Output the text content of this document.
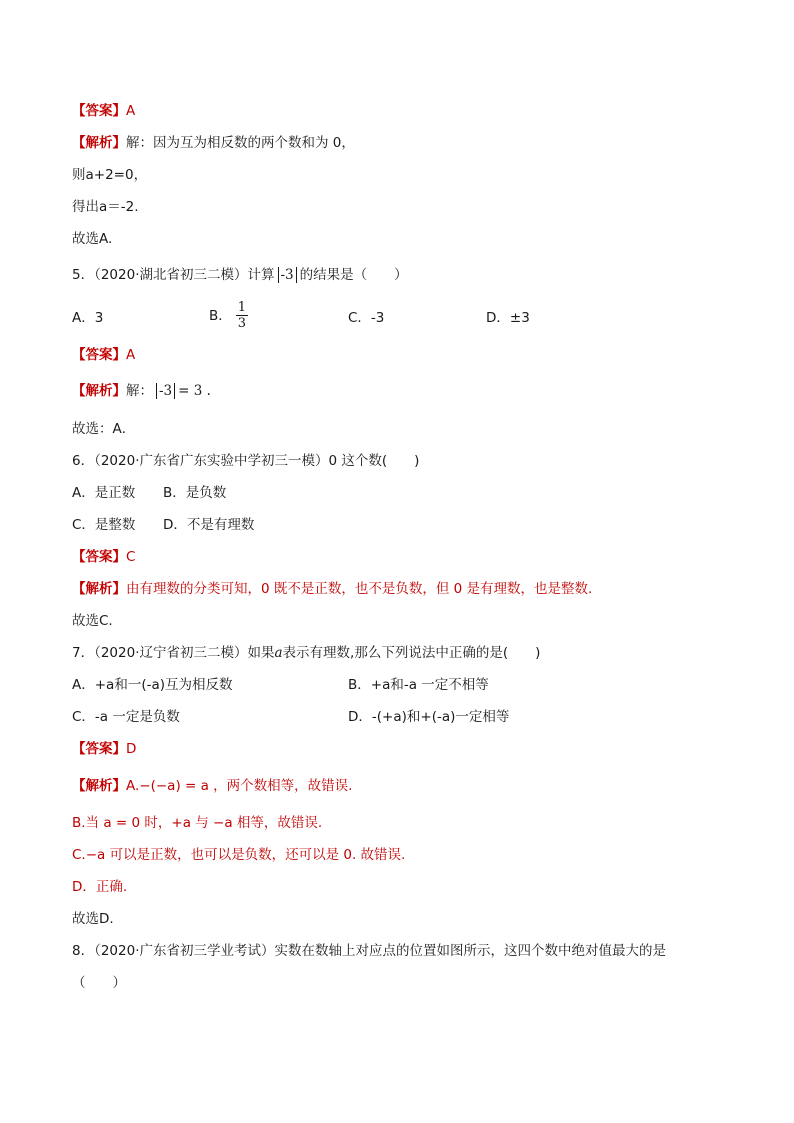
【答案】A
【解析】解：因为互为相反数的两个数和为 0，
则a+2=0，
得出a＝-2.
故选A.
5．（2020·湖北省初三二模）计算 -3 的结果是（　　）
A．3	B． $\frac{1}{3}$	C．-3	D．±3
【答案】A
【解析】解： -3 = 3 .
故选：A．
6．（2020·广东省广东实验中学初三一模）0 这个数(　　)
A．是正数 B．是负数
C．是整数 D．不是有理数
【答案】C
【解析】由有理数的分类可知，0 既不是正数，也不是负数，但 0 是有理数，也是整数.
故选C.
7．（2020·辽宁省初三二模）如果a表示有理数,那么下列说法中正确的是(　　)
A．+a和一(-a)互为相反数	B．+a和-a 一定不相等
C．-a 一定是负数	D．-(+a)和+(-a)一定相等
【答案】D
【解析】A.−(−a) = a ，两个数相等，故错误.
B.当 a = 0 时，+a 与 −a 相等，故错误.
C.−a 可以是正数，也可以是负数，还可以是 0. 故错误.
D．正确.
故选D.
8．（2020·广东省初三学业考试）实数在数轴上对应点的位置如图所示，这四个数中绝对值最大的是
（　　）
